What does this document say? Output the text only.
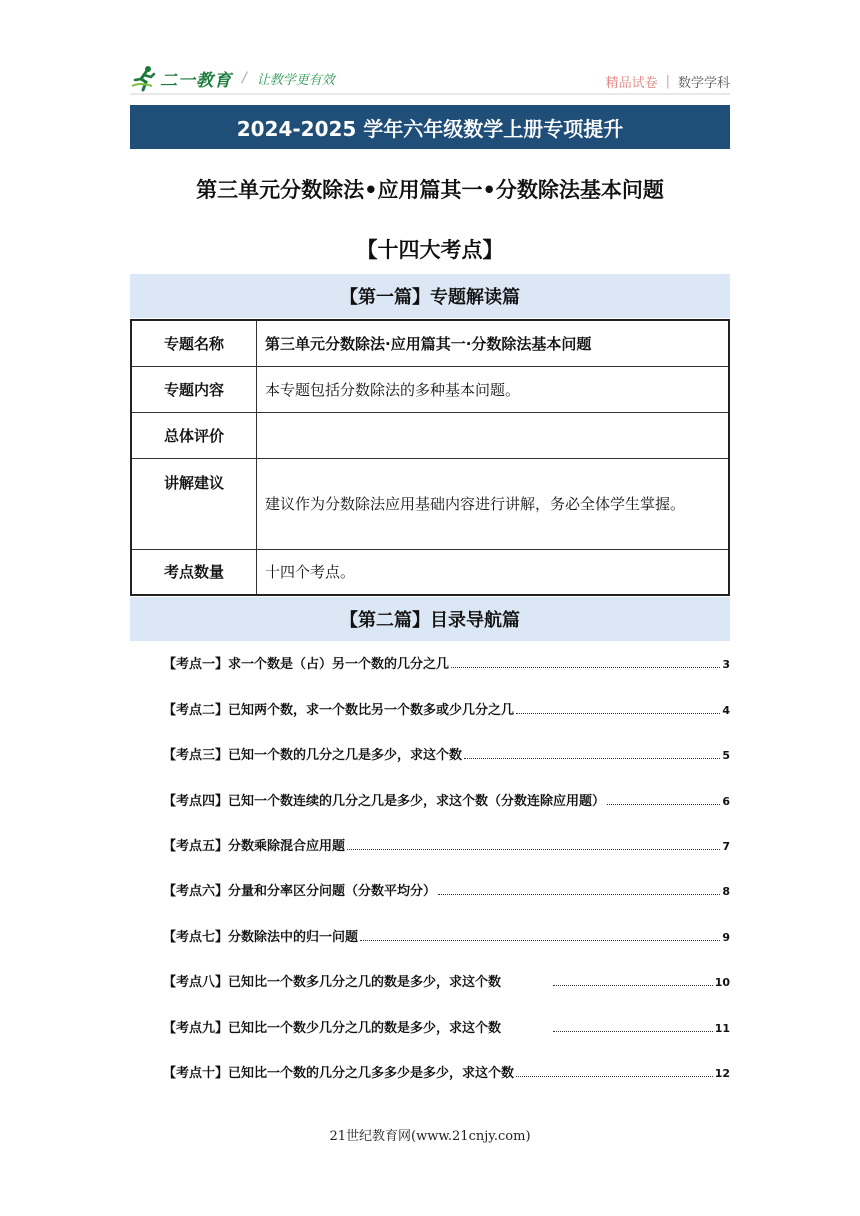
二一教育 / 让教学更有效	精品试卷 | 数学学科
2024-2025 学年六年级数学上册专项提升
第三单元分数除法•应用篇其一•分数除法基本问题
【十四大考点】
【第一篇】专题解读篇
专题名称	第三单元分数除法·应用篇其一·分数除法基本问题
专题内容	本专题包括分数除法的多种基本问题。
总体评价	
讲解建议	建议作为分数除法应用基础内容进行讲解，务必全体学生掌握。
考点数量	十四个考点。
【第二篇】目录导航篇
【考点一】求一个数是（占）另一个数的几分之几	3
【考点二】已知两个数，求一个数比另一个数多或少几分之几	4
【考点三】已知一个数的几分之几是多少，求这个数	5
【考点四】已知一个数连续的几分之几是多少，求这个数（分数连除应用题）	6
【考点五】分数乘除混合应用题	7
【考点六】分量和分率区分问题（分数平均分）	8
【考点七】分数除法中的归一问题	9
【考点八】已知比一个数多几分之几的数是多少，求这个数	10
【考点九】已知比一个数少几分之几的数是多少，求这个数	11
【考点十】已知比一个数的几分之几多多少是多少，求这个数	12
21世纪教育网(www.21cnjy.com)
